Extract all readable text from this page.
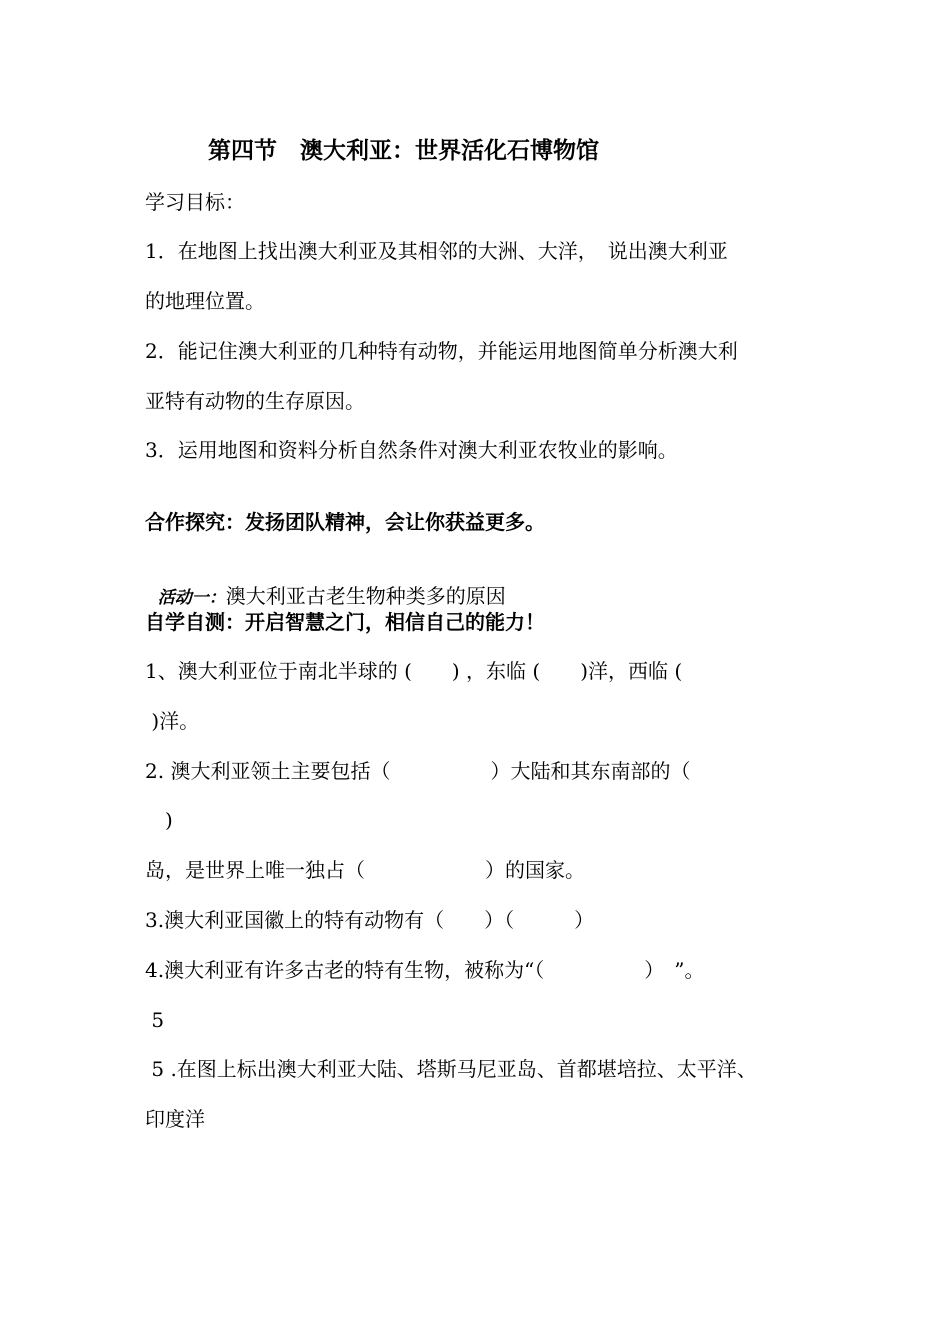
第四节　澳大利亚：世界活化石博物馆
学习目标：
1．在地图上找出澳大利亚及其相邻的大洲、大洋，　说出澳大利亚
的地理位置。
2．能记住澳大利亚的几种特有动物，并能运用地图简单分析澳大利
亚特有动物的生存原因。
3．运用地图和资料分析自然条件对澳大利亚农牧业的影响。
合作探究：发扬团队精神，会让你获益更多。

活动一：澳大利亚古老生物种类多的原因

自学自测：开启智慧之门，相信自己的能力！
1、澳大利亚位于南北半球的 (　　) ，东临 (　　)洋，西临 (
)洋。
2. 澳大利亚领土主要包括（　　　　　）大陆和其东南部的（
　)
岛，是世界上唯一独占（　　　　　　）的国家。
3.澳大利亚国徽上的特有动物有（　　）（　　　）
4.澳大利亚有许多古老的特有生物，被称为“（　　　　　）　”。
5
5 .在图上标出澳大利亚大陆、塔斯马尼亚岛、首都堪培拉、太平洋、
印度洋
